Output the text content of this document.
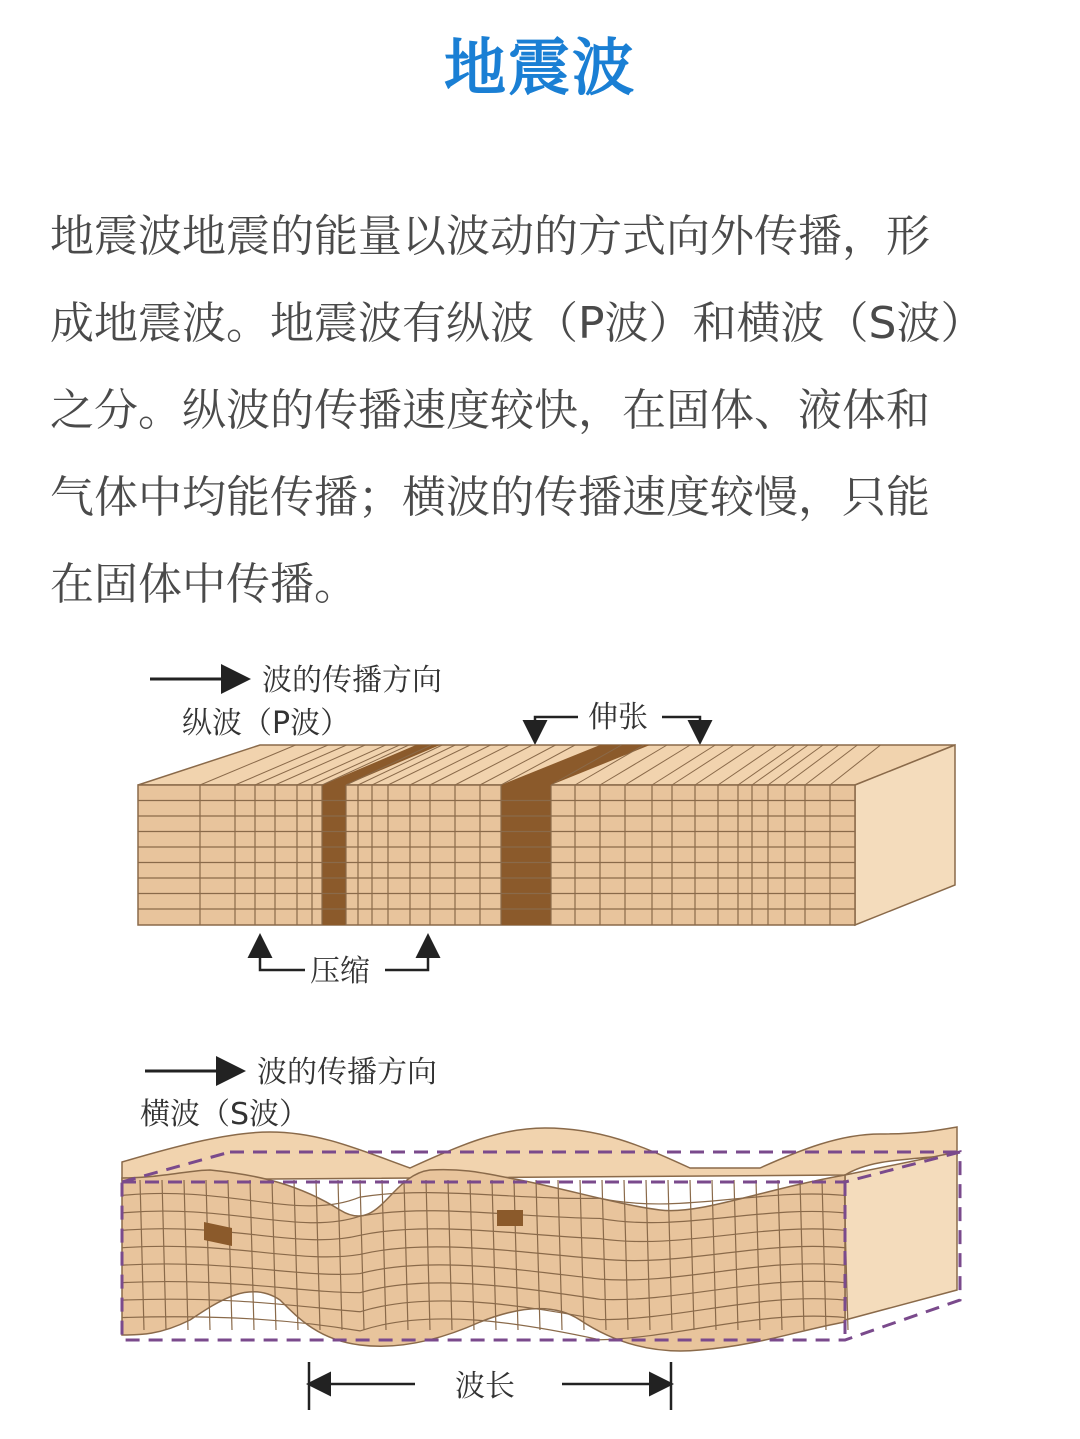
地震波
地震波地震的能量以波动的方式向外传播，形
成地震波。地震波有纵波（P波）和横波（S波）
之分。纵波的传播速度较快，在固体、液体和
气体中均能传播；横波的传播速度较慢，只能
在固体中传播。
波的传播方向
纵波（P波）	伸张
压缩
波的传播方向
横波（S波）
波长
